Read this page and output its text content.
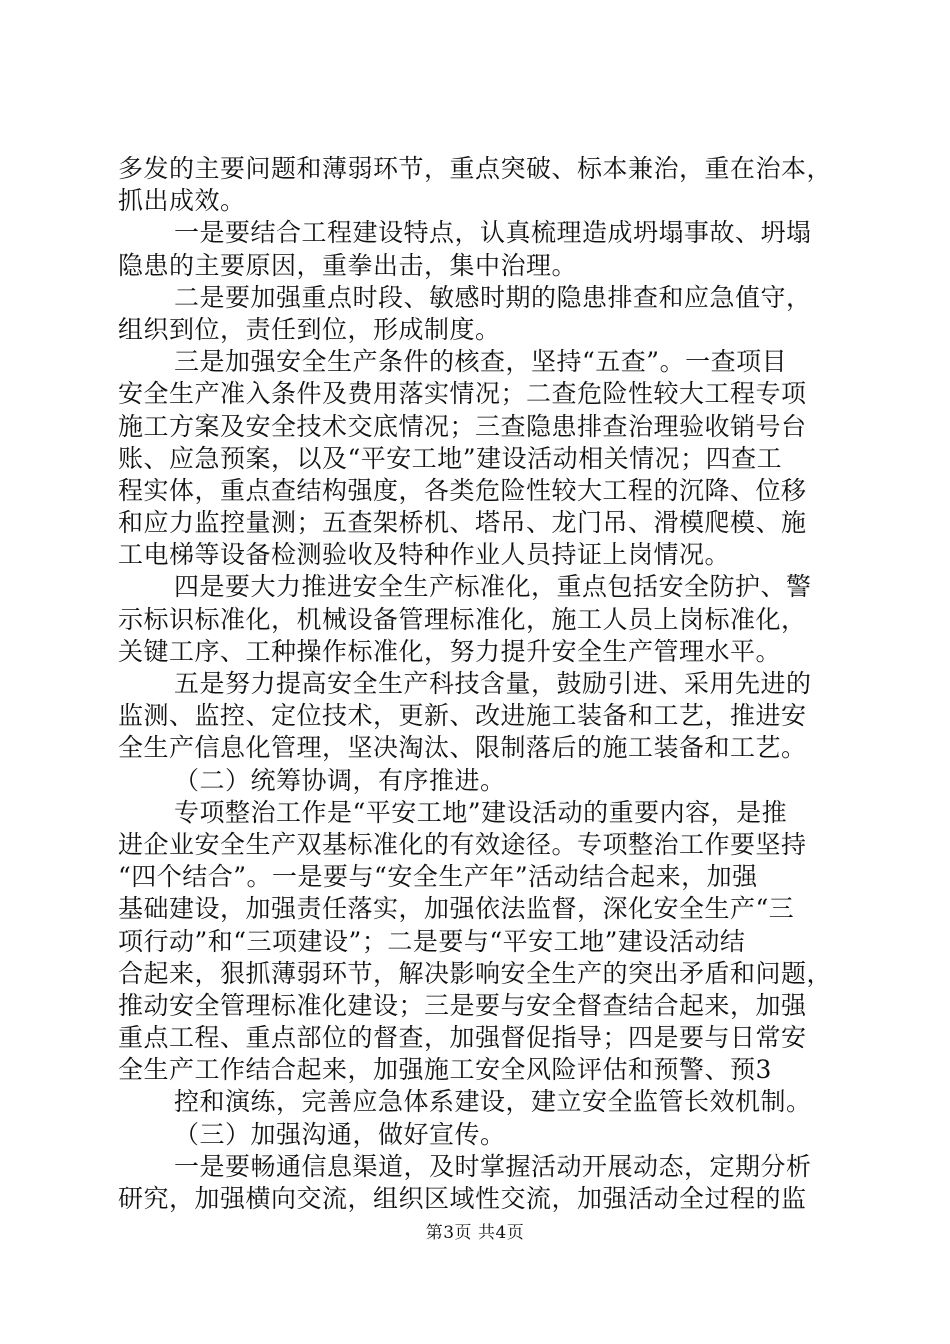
多发的主要问题和薄弱环节，重点突破、标本兼治，重在治本，
抓出成效。
一是要结合工程建设特点，认真梳理造成坍塌事故、坍塌
隐患的主要原因，重拳出击，集中治理。
二是要加强重点时段、敏感时期的隐患排查和应急值守，
组织到位，责任到位，形成制度。
三是加强安全生产条件的核查，坚持“五查”。一查项目
安全生产准入条件及费用落实情况；二查危险性较大工程专项
施工方案及安全技术交底情况；三查隐患排查治理验收销号台
账、应急预案，以及“平安工地”建设活动相关情况；四查工
程实体，重点查结构强度，各类危险性较大工程的沉降、位移
和应力监控量测；五查架桥机、塔吊、龙门吊、滑模爬模、施
工电梯等设备检测验收及特种作业人员持证上岗情况。
四是要大力推进安全生产标准化，重点包括安全防护、警
示标识标准化，机械设备管理标准化，施工人员上岗标准化，
关键工序、工种操作标准化，努力提升安全生产管理水平。
五是努力提高安全生产科技含量，鼓励引进、采用先进的
监测、监控、定位技术，更新、改进施工装备和工艺，推进安
全生产信息化管理，坚决淘汰、限制落后的施工装备和工艺。
（二）统筹协调，有序推进。
专项整治工作是“平安工地”建设活动的重要内容，是推
进企业安全生产双基标准化的有效途径。专项整治工作要坚持
“四个结合”。一是要与“安全生产年”活动结合起来，加强
基础建设，加强责任落实，加强依法监督，深化安全生产“三
项行动”和“三项建设”；二是要与“平安工地”建设活动结
合起来，狠抓薄弱环节，解决影响安全生产的突出矛盾和问题，
推动安全管理标准化建设；三是要与安全督查结合起来，加强
重点工程、重点部位的督查，加强督促指导；四是要与日常安
全生产工作结合起来，加强施工安全风险评估和预警、预3
控和演练，完善应急体系建设，建立安全监管长效机制。
（三）加强沟通，做好宣传。
一是要畅通信息渠道，及时掌握活动开展动态，定期分析
研究，加强横向交流，组织区域性交流，加强活动全过程的监
第3页 共4页
